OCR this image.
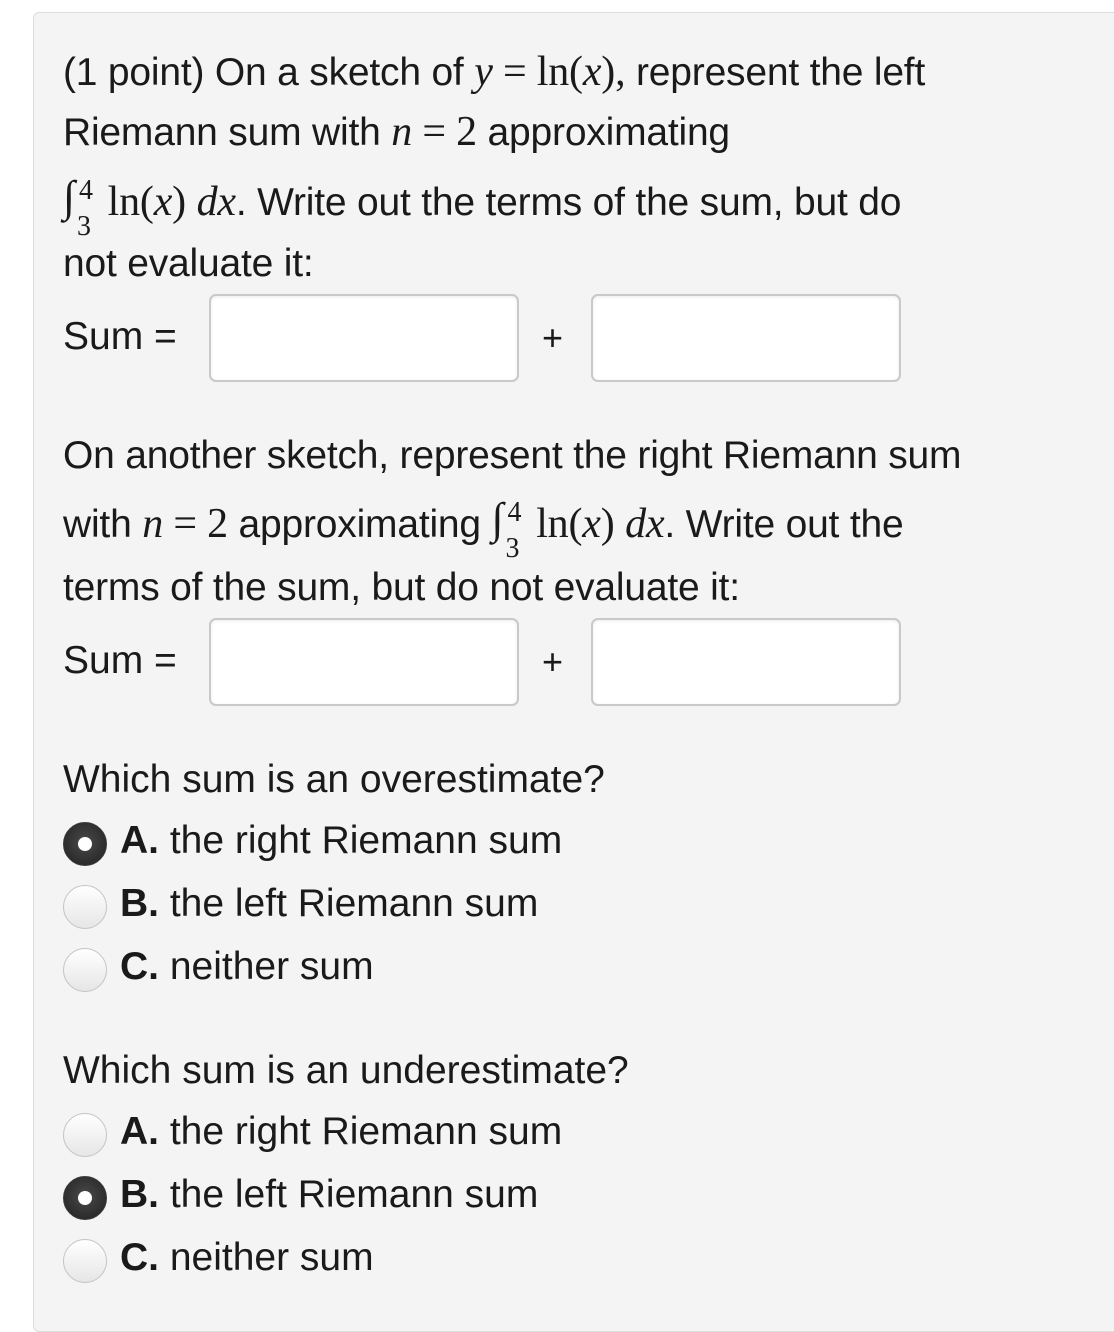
(1 point) On a sketch of y = ln(x), represent the left
Riemann sum with n = 2 approximating
∫ 4
3
ln(x) dx. Write out the terms of the sum, but do
not evaluate it:
Sum =	+
On another sketch, represent the right Riemann sum
with n = 2 approximating ∫ 4
3
ln(x) dx. Write out the
terms of the sum, but do not evaluate it:
Sum =	+
Which sum is an overestimate?
A. the right Riemann sum
B. the left Riemann sum
C. neither sum
Which sum is an underestimate?
A. the right Riemann sum
B. the left Riemann sum
C. neither sum
